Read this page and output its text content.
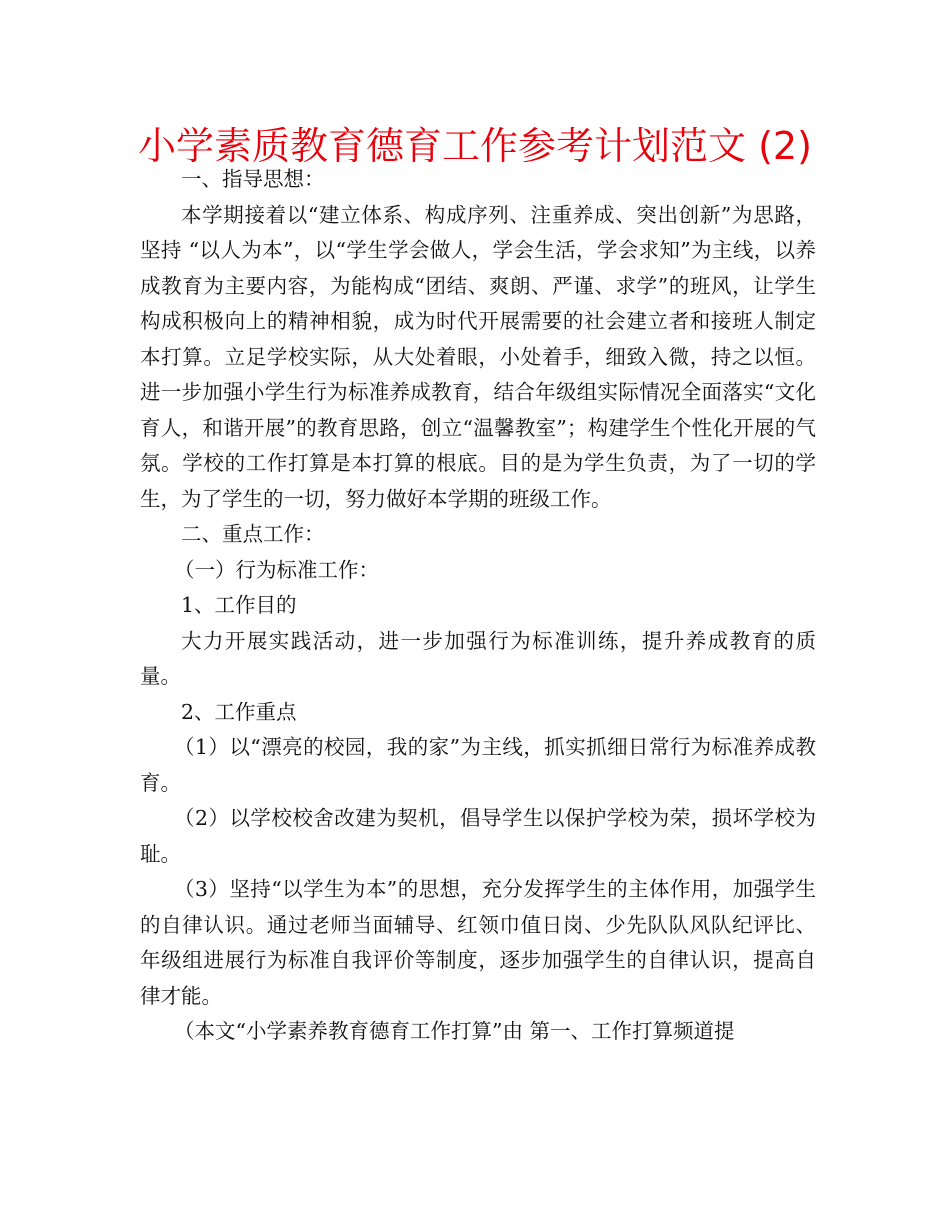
小学素质教育德育工作参考计划范文 (2)

一、指导思想：

本学期接着以“建立体系、构成序列、注重养成、突出创新”为思路，坚持 “以人为本”，以“学生学会做人，学会生活，学会求知”为主线，以养成教育为主要内容，为能构成“团结、爽朗、严谨、求学”的班风，让学生构成积极向上的精神相貌，成为时代开展需要的社会建立者和接班人制定本打算。立足学校实际，从大处着眼，小处着手，细致入微，持之以恒。进一步加强小学生行为标准养成教育，结合年级组实际情况全面落实“文化育人，和谐开展”的教育思路，创立“温馨教室”；构建学生个性化开展的气氛。学校的工作打算是本打算的根底。目的是为学生负责，为了一切的学生，为了学生的一切，努力做好本学期的班级工作。

二、重点工作：

（一）行为标准工作：

1、工作目的

大力开展实践活动，进一步加强行为标准训练，提升养成教育的质量。

2、工作重点

（1）以“漂亮的校园，我的家”为主线，抓实抓细日常行为标准养成教育。

（2）以学校校舍改建为契机，倡导学生以保护学校为荣，损坏学校为耻。

（3）坚持“以学生为本”的思想，充分发挥学生的主体作用，加强学生的自律认识。通过老师当面辅导、红领巾值日岗、少先队队风队纪评比、年级组进展行为标准自我评价等制度，逐步加强学生的自律认识，提高自律才能。

（本文“小学素养教育德育工作打算”由 第一、工作打算频道提
